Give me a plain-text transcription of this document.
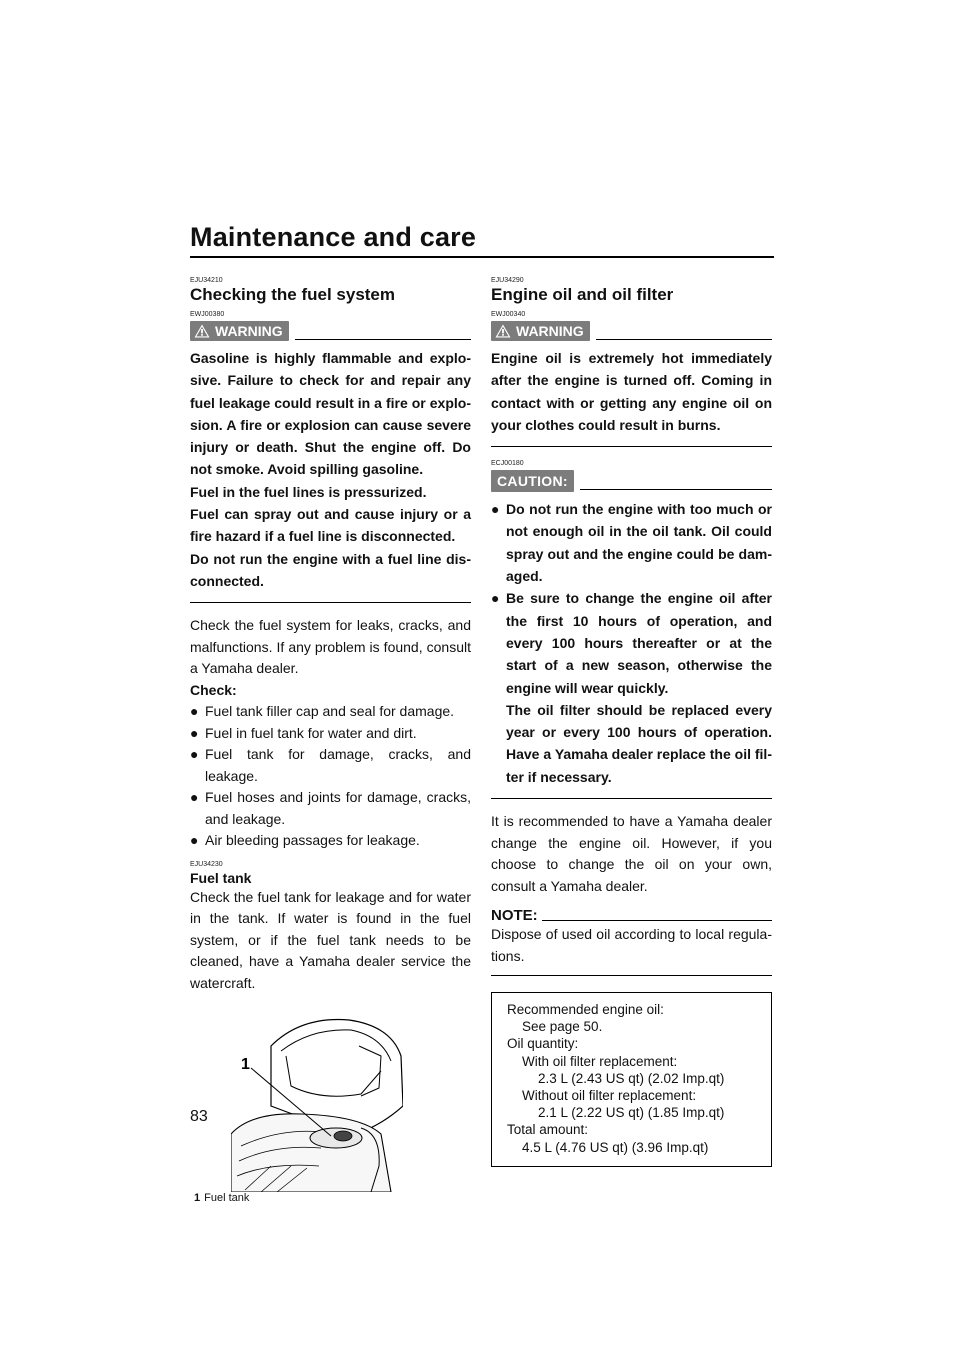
Maintenance and care
EJU34210
Checking the fuel system
EWJ00380
WARNING

Gasoline is highly flammable and explosive. Failure to check for and repair any fuel leakage could result in a fire or explosion. A fire or explosion can cause severe injury or death. Shut the engine off. Do not smoke. Avoid spilling gasoline.

Fuel in the fuel lines is pressurized.

Fuel can spray out and cause injury or a fire hazard if a fuel line is disconnected.

Do not run the engine with a fuel line disconnected.

Check the fuel system for leaks, cracks, and malfunctions. If any problem is found, consult a Yamaha dealer.

Check:

● Fuel tank filler cap and seal for damage.
● Fuel in fuel tank for water and dirt.
● Fuel tank for damage, cracks, and leakage.
● Fuel hoses and joints for damage, cracks, and leakage.
● Air bleeding passages for leakage.
EJU34230
Fuel tank

Check the fuel tank for leakage and for water in the tank. If water is found in the fuel system, or if the fuel tank needs to be cleaned, have a Yamaha dealer service the watercraft.

1
1 Fuel tank
EJU34290
Engine oil and oil filter
EWJ00340
WARNING

Engine oil is extremely hot immediately after the engine is turned off. Coming in contact with or getting any engine oil on your clothes could result in burns.

ECJ00180
CAUTION:
● Do not run the engine with too much or not enough oil in the oil tank. Oil could spray out and the engine could be damaged.
● Be sure to change the engine oil after the first 10 hours of operation, and every 100 hours thereafter or at the start of a new season, otherwise the engine will wear quickly.
The oil filter should be replaced every year or every 100 hours of operation. Have a Yamaha dealer replace the oil filter if necessary.

It is recommended to have a Yamaha dealer change the engine oil. However, if you choose to change the oil on your own, consult a Yamaha dealer.

NOTE:

Dispose of used oil according to local regulations.

Recommended engine oil:
See page 50.
Oil quantity:
With oil filter replacement:
2.3 L (2.43 US qt) (2.02 Imp.qt)
Without oil filter replacement:
2.1 L (2.22 US qt) (1.85 Imp.qt)
Total amount:
4.5 L (4.76 US qt) (3.96 Imp.qt)
83
